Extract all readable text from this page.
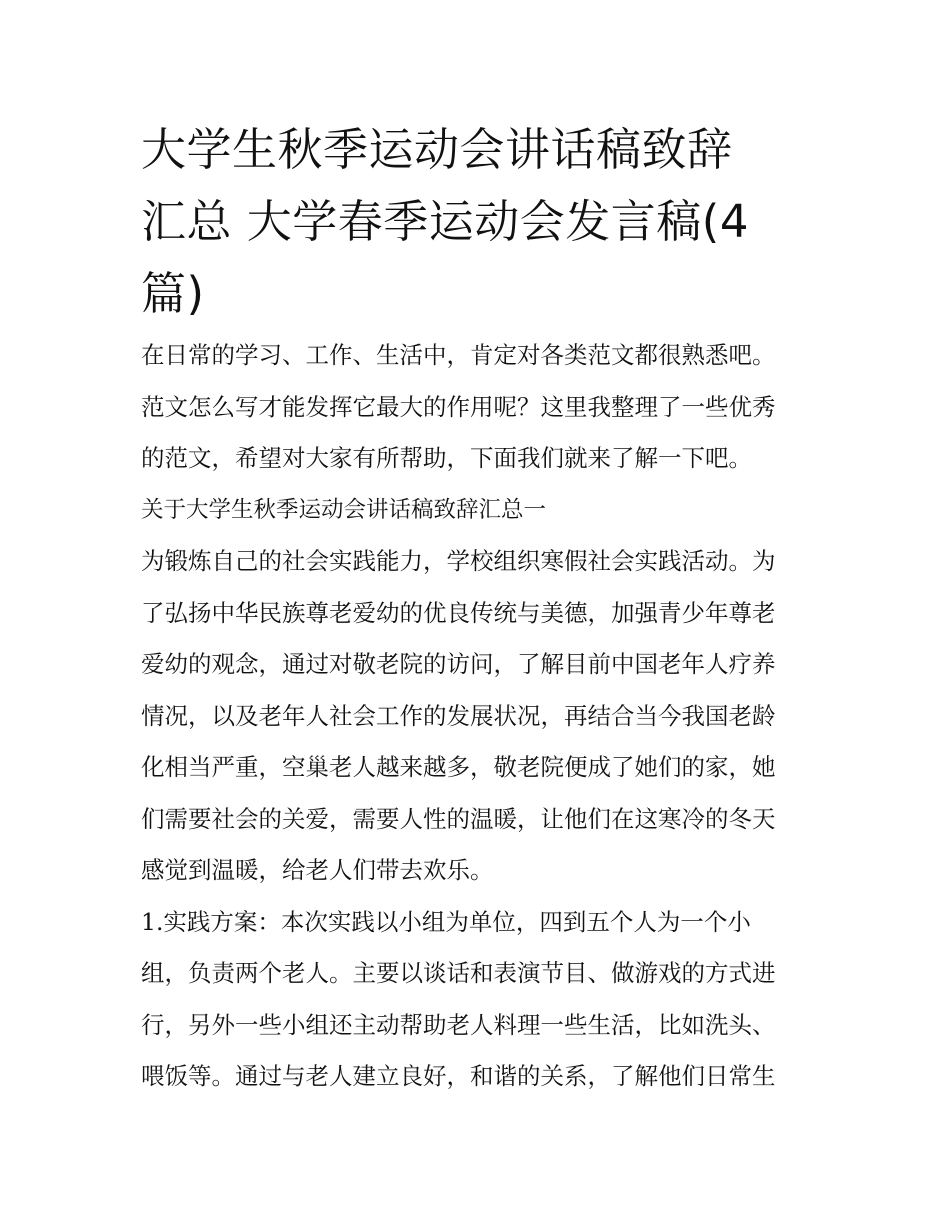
大学生秋季运动会讲话稿致辞
汇总 大学春季运动会发言稿(4
篇)

在日常的学习、工作、生活中，肯定对各类范文都很熟悉吧。
范文怎么写才能发挥它最大的作用呢？这里我整理了一些优秀
的范文，希望对大家有所帮助，下面我们就来了解一下吧。

关于大学生秋季运动会讲话稿致辞汇总一

为锻炼自己的社会实践能力，学校组织寒假社会实践活动。为
了弘扬中华民族尊老爱幼的优良传统与美德，加强青少年尊老
爱幼的观念，通过对敬老院的访问，了解目前中国老年人疗养
情况，以及老年人社会工作的发展状况，再结合当今我国老龄
化相当严重，空巢老人越来越多，敬老院便成了她们的家，她
们需要社会的关爱，需要人性的温暖，让他们在这寒冷的冬天
感觉到温暖，给老人们带去欢乐。

1.实践方案：本次实践以小组为单位，四到五个人为一个小
组，负责两个老人。主要以谈话和表演节目、做游戏的方式进
行，另外一些小组还主动帮助老人料理一些生活，比如洗头、
喂饭等。通过与老人建立良好，和谐的关系，了解他们日常生
